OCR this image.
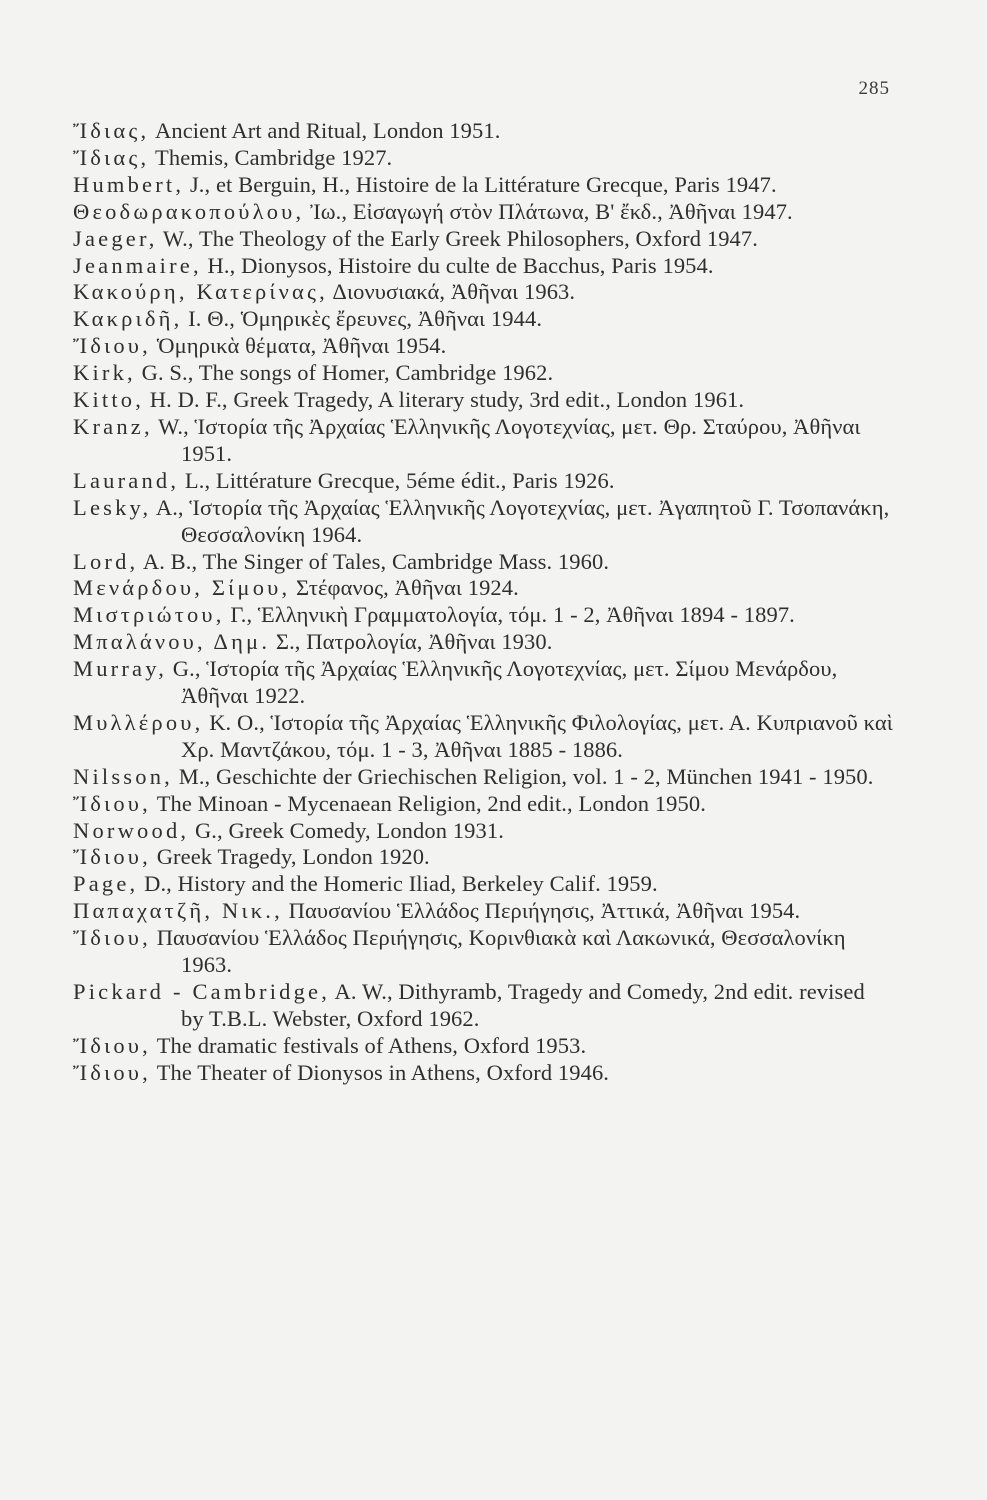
285
Ἴδιας, Ancient Art and Ritual, London 1951.
Ἴδιας, Themis, Cambridge 1927.
Humbert, J., et Berguin, H., Histoire de la Littérature Grecque, Paris 1947.
Θεοδωρακοπούλου, Ἰω., Εἰσαγωγή στὸν Πλάτωνα, Β' ἔκδ., Ἀθῆναι 1947.
Jaeger, W., The Theology of the Early Greek Philosophers, Oxford 1947.
Jeanmaire, H., Dionysos, Histoire du culte de Bacchus, Paris 1954.
Κακούρη, Κατερίνας, Διονυσιακά, Ἀθῆναι 1963.
Κακριδῆ, Ι. Θ., Ὁμηρικὲς ἔρευνες, Ἀθῆναι 1944.
Ἴδιου, Ὁμηρικὰ θέματα, Ἀθῆναι 1954.
Kirk, G. S., The songs of Homer, Cambridge 1962.
Kitto, H. D. F., Greek Tragedy, A literary study, 3rd edit., London 1961.
Kranz, W., Ἱστορία τῆς Ἀρχαίας Ἑλληνικῆς Λογοτεχνίας, μετ. Θρ. Σταύρου, Ἀθῆναι 1951.
Laurand, L., Littérature Grecque, 5éme édit., Paris 1926.
Lesky, A., Ἱστορία τῆς Ἀρχαίας Ἑλληνικῆς Λογοτεχνίας, μετ. Ἀγαπητοῦ Γ. Τσοπανάκη, Θεσσαλονίκη 1964.
Lord, A. B., The Singer of Tales, Cambridge Mass. 1960.
Μενάρδου, Σίμου, Στέφανος, Ἀθῆναι 1924.
Μιστριώτου, Γ., Ἑλληνικὴ Γραμματολογία, τόμ. 1 - 2, Ἀθῆναι 1894 - 1897.
Μπαλάνου, Δημ. Σ., Πατρολογία, Ἀθῆναι 1930.
Murray, G., Ἱστορία τῆς Ἀρχαίας Ἑλληνικῆς Λογοτεχνίας, μετ. Σίμου Μενάρδου, Ἀθῆναι 1922.
Μυλλέρου, Κ. Ο., Ἱστορία τῆς Ἀρχαίας Ἑλληνικῆς Φιλολογίας, μετ. Α. Κυπριανοῦ καὶ Χρ. Μαντζάκου, τόμ. 1 - 3, Ἀθῆναι 1885 - 1886.
Nilsson, M., Geschichte der Griechischen Religion, vol. 1 - 2, München 1941 - 1950.
Ἴδιου, The Minoan - Mycenaean Religion, 2nd edit., London 1950.
Norwood, G., Greek Comedy, London 1931.
Ἴδιου, Greek Tragedy, London 1920.
Page, D., History and the Homeric Iliad, Berkeley Calif. 1959.
Παπαχατζῆ, Νικ., Παυσανίου Ἑλλάδος Περιήγησις, Ἀττικά, Ἀθῆναι 1954.
Ἴδιου, Παυσανίου Ἑλλάδος Περιήγησις, Κορινθιακὰ καὶ Λακωνικά, Θεσσαλονίκη 1963.
Pickard - Cambridge, A. W., Dithyramb, Tragedy and Comedy, 2nd edit. revised by T.B.L. Webster, Oxford 1962.
Ἴδιου, The dramatic festivals of Athens, Oxford 1953.
Ἴδιου, The Theater of Dionysos in Athens, Oxford 1946.
